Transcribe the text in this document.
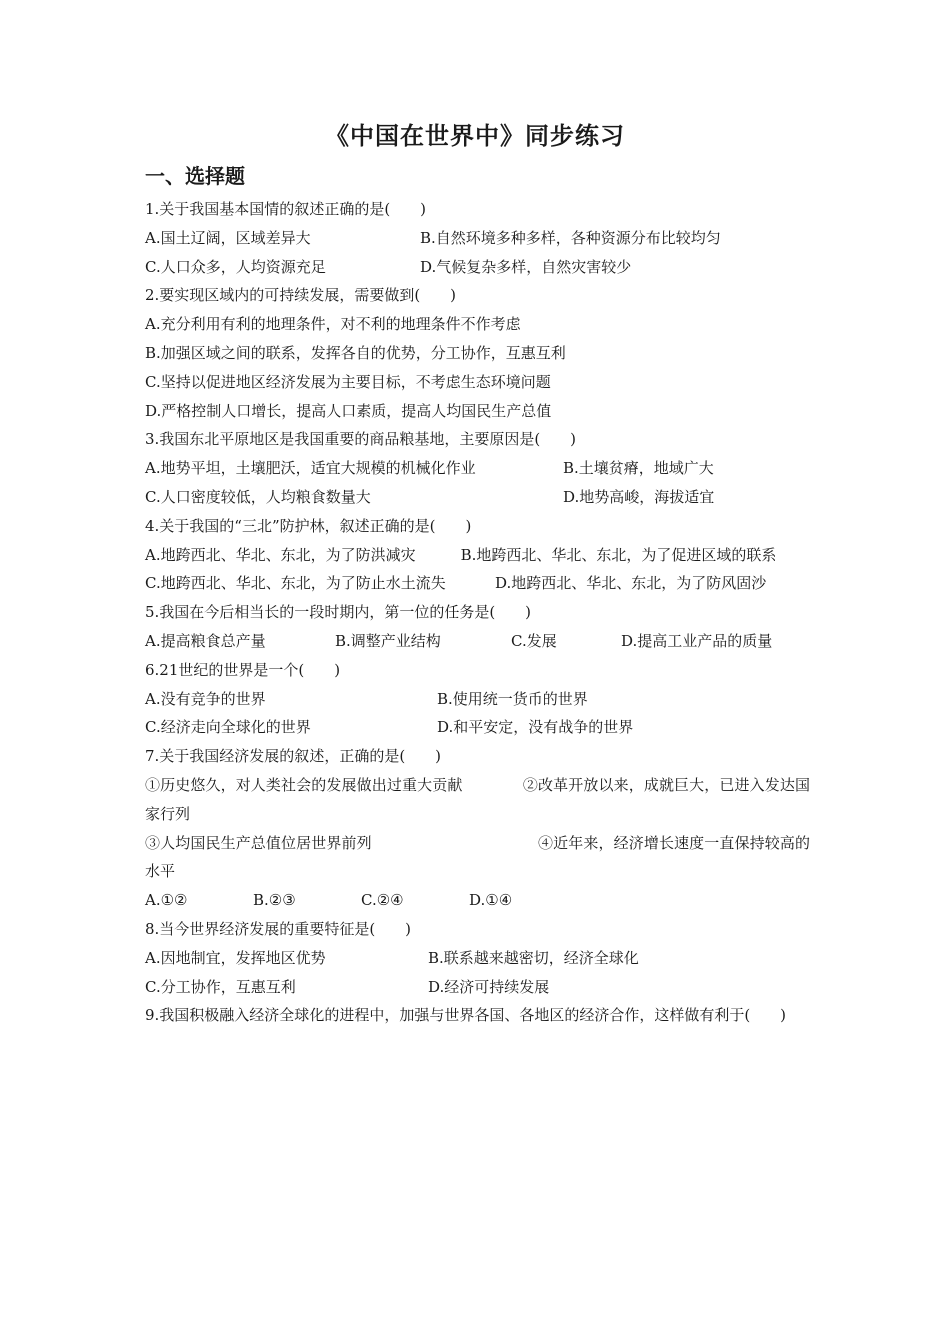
《中国在世界中》同步练习
一、选择题
1.关于我国基本国情的叙述正确的是(　　)
A.国土辽阔，区域差异大	B.自然环境多种多样，各种资源分布比较均匀
C.人口众多，人均资源充足	D.气候复杂多样，自然灾害较少
2.要实现区域内的可持续发展，需要做到(　　)
A.充分利用有利的地理条件，对不利的地理条件不作考虑
B.加强区域之间的联系，发挥各自的优势，分工协作，互惠互利
C.坚持以促进地区经济发展为主要目标，不考虑生态环境问题
D.严格控制人口增长，提高人口素质，提高人均国民生产总值
3.我国东北平原地区是我国重要的商品粮基地，主要原因是(　　)
A.地势平坦，土壤肥沃，适宜大规模的机械化作业	B.土壤贫瘠，地域广大
C.人口密度较低，人均粮食数量大	D.地势高峻，海拔适宜
4.关于我国的“三北”防护林，叙述正确的是(　　)
A.地跨西北、华北、东北，为了防洪减灾　　　B.地跨西北、华北、东北，为了促进区域的联系
C.地跨西北、华北、东北，为了防止水土流失	D.地跨西北、华北、东北，为了防风固沙
5.我国在今后相当长的一段时期内，第一位的任务是(　　)
A.提高粮食总产量	B.调整产业结构	C.发展	D.提高工业产品的质量
6.21世纪的世界是一个(　　)
A.没有竞争的世界	B.使用统一货币的世界
C.经济走向全球化的世界	D.和平安定，没有战争的世界
7.关于我国经济发展的叙述，正确的是(　　)
①历史悠久，对人类社会的发展做出过重大贡献　　　　②改革开放以来，成就巨大，已进入发达国家行列
③人均国民生产总值位居世界前列　　　　　　　　　　　④近年来，经济增长速度一直保持较高的水平
A.①②	B.②③	C.②④	D.①④
8.当今世界经济发展的重要特征是(　　)
A.因地制宜，发挥地区优势	B.联系越来越密切，经济全球化
C.分工协作，互惠互利	D.经济可持续发展
9.我国积极融入经济全球化的进程中，加强与世界各国、各地区的经济合作，这样做有利于(　　)
